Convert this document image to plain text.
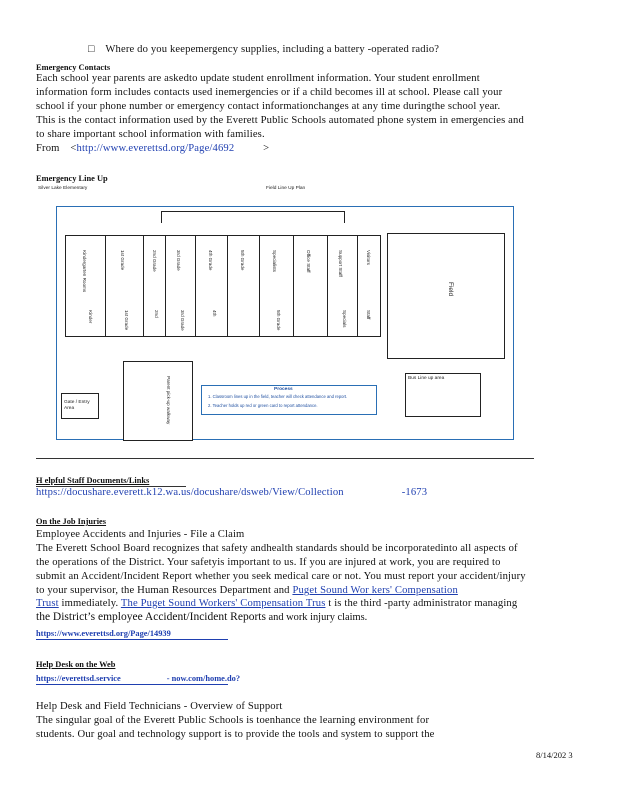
□ Where do you keepemergency supplies, including a battery -operated radio?
Emergency Contacts
Each school year parents are askedto update student enrollment information. Your student enrollment
information form includes contacts used inemergencies or if a child becomes ill at school. Please call your
school if your phone number or emergency contact informationchanges at any time duringthe school year.
This is the contact information used by the Everett Public Schools automated phone system in emergencies and
to share important school information with families.
From <http://www.everettsd.org/Page/4692	>
Emergency Line Up
Silver Lake Elementary	Field Line Up Plan
Kindergarten Rooms	1st Grade	2nd Grade	3rd Grade	4th Grade	5th Grade	Specialists	Office Staff	Support Staff	Visitors
Kinder	1st Grade	2nd	3rd Grade	4th	5th Grade	Specials	Staff
Field
Bus Line up area
Gate / Entry Area	Parent pick-up walkway	Process
1. Classroom lines up in the field, teacher will check attendance and report.
2. Teacher holds up red or green card to report attendance.
H elpful Staff Documents/Links
https://docushare.everett.k12.wa.us/docushare/dsweb/View/Collection	-1673
On the Job Injuries
Employee Accidents and Injuries - File a Claim
The Everett School Board recognizes that safety andhealth standards should be incorporatedinto all aspects of
the operations of the District. Your safetyis important to us. If you are injured at work, you are required to
submit an Accident/Incident Report whether you seek medical care or not. You must report your accident/injury
to your supervisor, the Human Resources Department and Puget Sound Wor kers' Compensation
Trust immediately. The Puget Sound Workers' Compensation Trus t is the third -party administrator managing
the District’s employee Accident/Incident Reports and work injury claims.
https://www.everettsd.org/Page/14939
Help Desk on the Web
https://everettsd.service	- now.com/home.do?
Help Desk and Field Technicians - Overview of Support
The singular goal of the Everett Public Schools is toenhance the learning environment for
students. Our goal and technology support is to provide the tools and system to support the
8/14/202 3
